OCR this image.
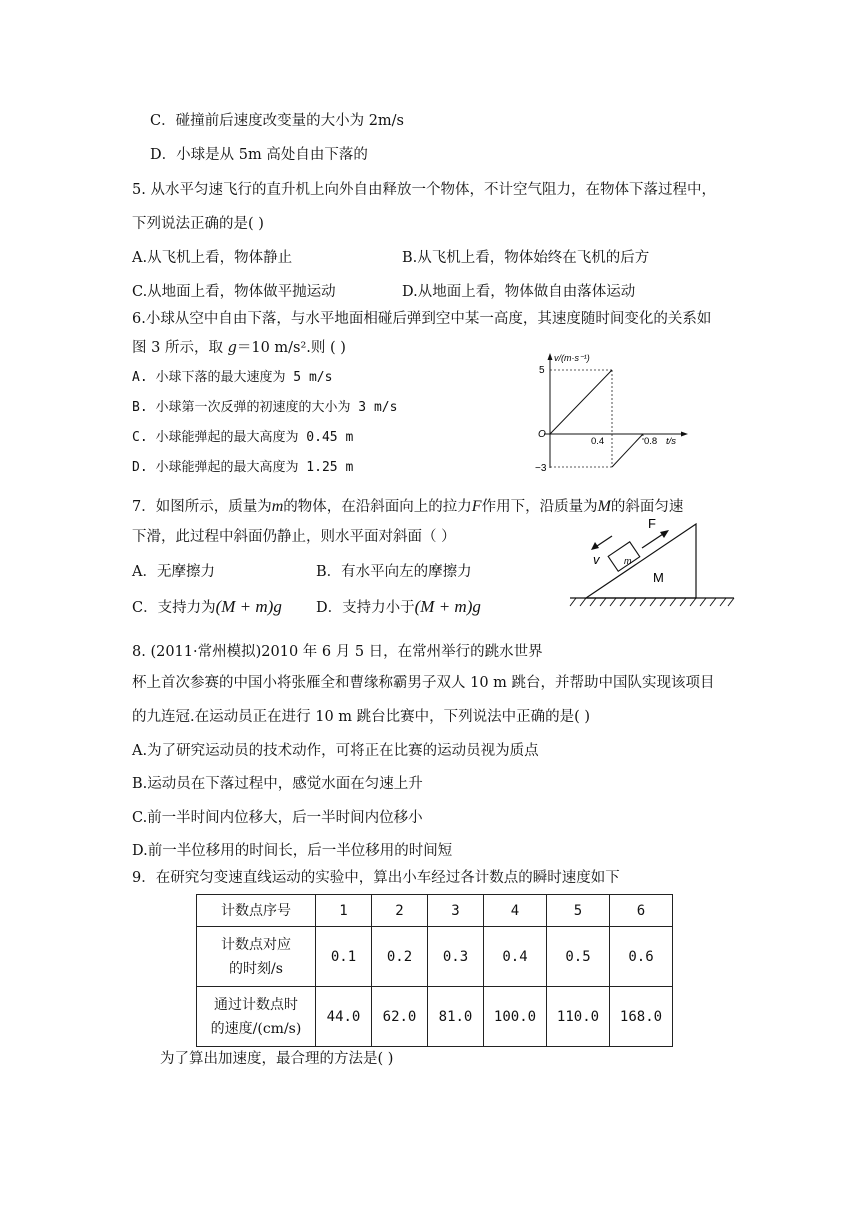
C．碰撞前后速度改变量的大小为 2m/s
D．小球是从 5m 高处自由下落的
5. 从水平匀速飞行的直升机上向外自由释放一个物体，不计空气阻力，在物体下落过程中，
下列说法正确的是( )
A.从飞机上看，物体静止	B.从飞机上看，物体始终在飞机的后方
C.从地面上看，物体做平抛运动	D.从地面上看，物体做自由落体运动
6.小球从空中自由下落，与水平地面相碰后弹到空中某一高度，其速度随时间变化的关系如
图 3 所示，取 g＝10 m/s².则 ( )
A. 小球下落的最大速度为 5 m/s
B. 小球第一次反弹的初速度的大小为 3 m/s
C. 小球能弹起的最大高度为 0.45 m
D. 小球能弹起的最大高度为 1.25 m
v/(m·s⁻¹)
5
O
−3
0.4	0.8 t/s
7．如图所示，质量为m的物体，在沿斜面向上的拉力F作用下，沿质量为M的斜面匀速
下滑，此过程中斜面仍静止，则水平面对斜面（ ）
A．无摩擦力	B．有水平向左的摩擦力
C．支持力为(M + m)g D．支持力小于(M + m)g
F
v	m
M
8. (2011·常州模拟)2010 年 6 月 5 日，在常州举行的跳水世界
杯上首次参赛的中国小将张雁全和曹缘称霸男子双人 10 m 跳台，并帮助中国队实现该项目
的九连冠.在运动员正在进行 10 m 跳台比赛中，下列说法中正确的是( )
A.为了研究运动员的技术动作，可将正在比赛的运动员视为质点
B.运动员在下落过程中，感觉水面在匀速上升
C.前一半时间内位移大，后一半时间内位移小
D.前一半位移用的时间长，后一半位移用的时间短
9．在研究匀变速直线运动的实验中，算出小车经过各计数点的瞬时速度如下
计数点序号	1	2	3	4	5	6

计数点对应
的时刻/s	0.1	0.2	0.3	0.4	0.5	0.6

通过计数点时
的速度/(cm/s)	44.0	62.0	81.0	100.0	110.0	168.0
为了算出加速度，最合理的方法是( )
